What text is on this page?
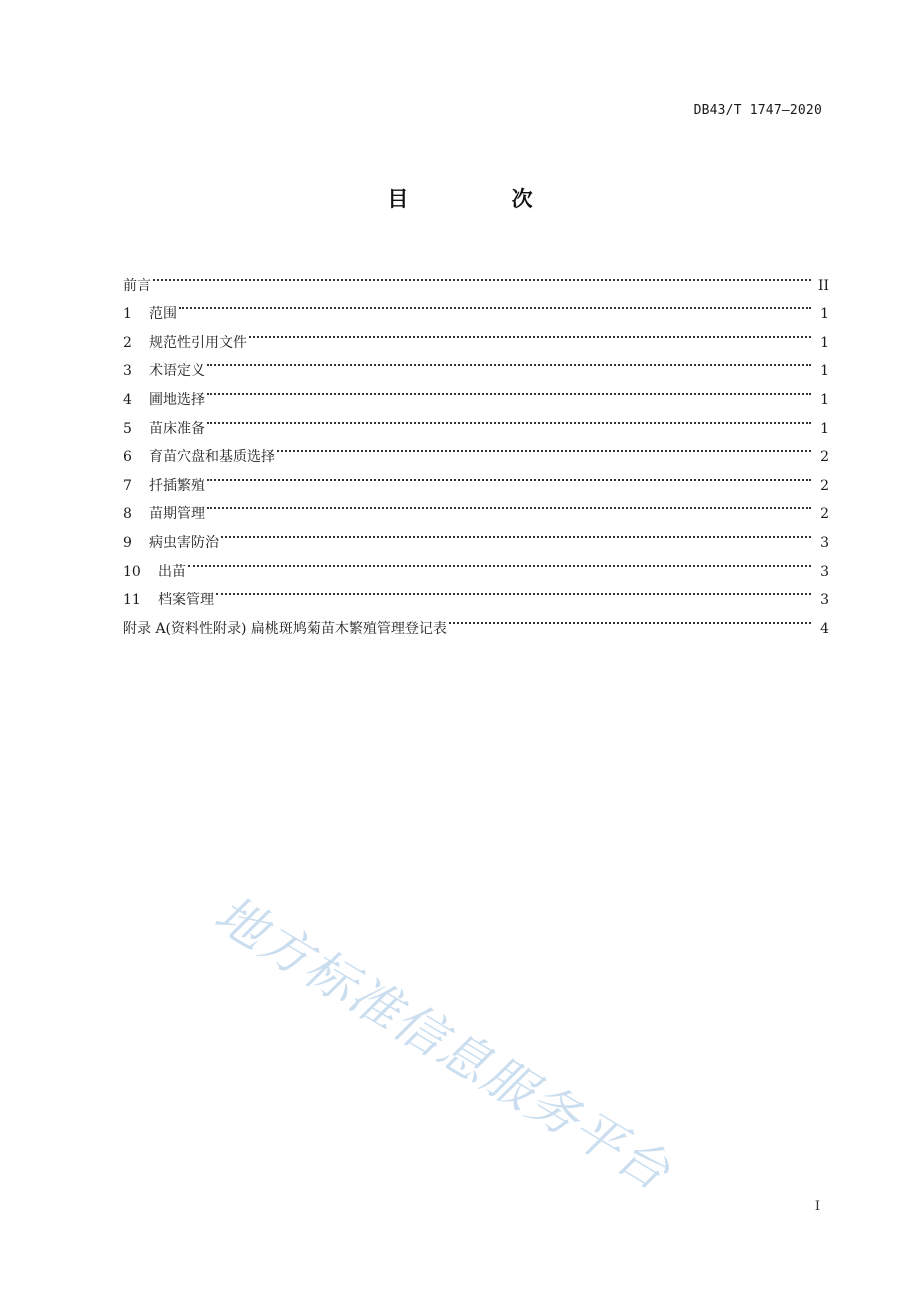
DB43/T 1747—2020
目 次
前言	II
1	范围	1
2	规范性引用文件	1
3	术语定义	1
4	圃地选择	1
5	苗床准备	1
6	育苗穴盘和基质选择	2
7	扦插繁殖	2
8	苗期管理	2
9	病虫害防治	3
10	出苗	3
11	档案管理	3
附录 A(资料性附录) 扁桃斑鸠菊苗木繁殖管理登记表	4
地方标准信息服务平台
I
